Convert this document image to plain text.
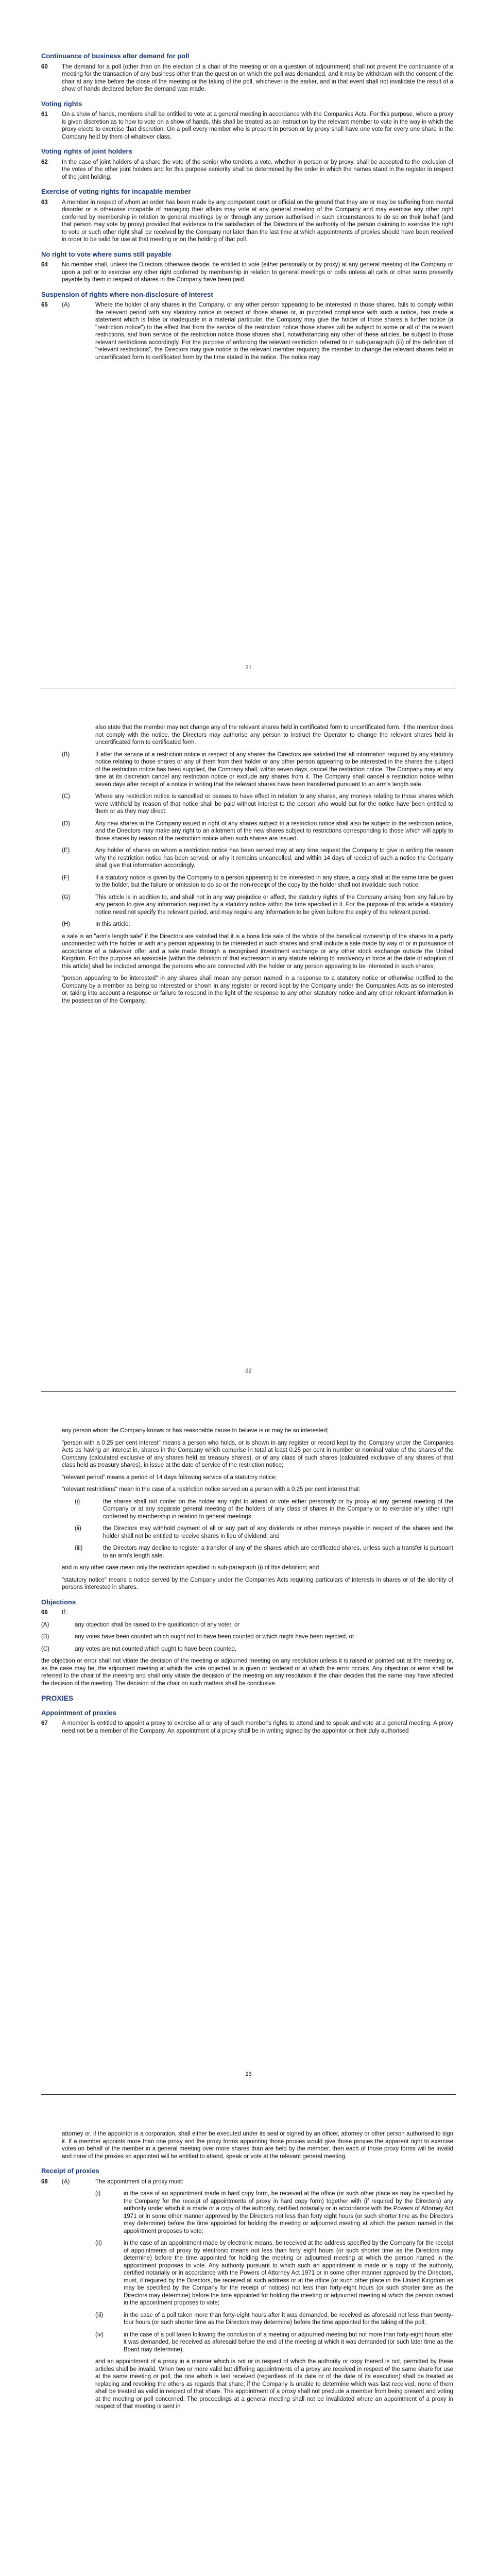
Continuance of business after demand for poll
60	The demand for a poll (other than on the election of a chair of the meeting or on a question of adjournment) shall not prevent the continuance of a meeting for the transaction of any business other than the question on which the poll was demanded, and it may be withdrawn with the consent of the chair at any time before the close of the meeting or the taking of the poll, whichever is the earlier, and in that event shall not invalidate the result of a show of hands declared before the demand was made.
Voting rights
61	On a show of hands, members shall be entitled to vote at a general meeting in accordance with the Companies Acts. For this purpose, where a proxy is given discretion as to how to vote on a show of hands, this shall be treated as an instruction by the relevant member to vote in the way in which the proxy elects to exercise that discretion. On a poll every member who is present in person or by proxy shall have one vote for every one share in the Company held by them of whatever class.
Voting rights of joint holders
62	In the case of joint holders of a share the vote of the senior who tenders a vote, whether in person or by proxy, shall be accepted to the exclusion of the votes of the other joint holders and for this purpose seniority shall be determined by the order in which the names stand in the register in respect of the joint holding.
Exercise of voting rights for incapable member
63	A member in respect of whom an order has been made by any competent court or official on the ground that they are or may be suffering from mental disorder or is otherwise incapable of managing their affairs may vote at any general meeting of the Company and may exercise any other right conferred by membership in relation to general meetings by or through any person authorised in such circumstances to do so on their behalf (and that person may vote by proxy) provided that evidence to the satisfaction of the Directors of the authority of the person claiming to exercise the right to vote or such other right shall be received by the Company not later than the last time at which appointments of proxies should have been received in order to be valid for use at that meeting or on the holding of that poll.
No right to vote where sums still payable
64	No member shall, unless the Directors otherwise decide, be entitled to vote (either personally or by proxy) at any general meeting of the Company or upon a poll or to exercise any other right conferred by membership in relation to general meetings or polls unless all calls or other sums presently payable by them in respect of shares in the Company have been paid.
Suspension of rights where non-disclosure of interest
65	(A)	Where the holder of any shares in the Company, or any other person appearing to be interested in those shares, fails to comply within the relevant period with any statutory notice in respect of those shares or, in purported compliance with such a notice, has made a statement which is false or inadequate in a material particular, the Company may give the holder of those shares a further notice (a "restriction notice") to the effect that from the service of the restriction notice those shares will be subject to some or all of the relevant restrictions, and from service of the restriction notice those shares shall, notwithstanding any other of these articles, be subject to those relevant restrictions accordingly. For the purpose of enforcing the relevant restriction referred to in sub-paragraph (iii) of the definition of "relevant restrictions", the Directors may give notice to the relevant member requiring the member to change the relevant shares held in uncertificated form to certificated form by the time stated in the notice. The notice may
21
also state that the member may not change any of the relevant shares held in certificated form to uncertificated form. If the member does not comply with the notice, the Directors may authorise any person to instruct the Operator to change the relevant shares held in uncertificated form to certificated form.
(B)	If after the service of a restriction notice in respect of any shares the Directors are satisfied that all information required by any statutory notice relating to those shares or any of them from their holder or any other person appearing to be interested in the shares the subject of the restriction notice has been supplied, the Company shall, within seven days, cancel the restriction notice. The Company may at any time at its discretion cancel any restriction notice or exclude any shares from it. The Company shall cancel a restriction notice within seven days after receipt of a notice in writing that the relevant shares have been transferred pursuant to an arm's length sale.
(C)	Where any restriction notice is cancelled or ceases to have effect in relation to any shares, any moneys relating to those shares which were withheld by reason of that notice shall be paid without interest to the person who would but for the notice have been entitled to them or as they may direct.
(D)	Any new shares in the Company issued in right of any shares subject to a restriction notice shall also be subject to the restriction notice, and the Directors may make any right to an allotment of the new shares subject to restrictions corresponding to those which will apply to those shares by reason of the restriction notice when such shares are issued.
(E)	Any holder of shares on whom a restriction notice has been served may at any time request the Company to give in writing the reason why the restriction notice has been served, or why it remains uncancelled, and within 14 days of receipt of such a notice the Company shall give that information accordingly.
(F)	If a statutory notice is given by the Company to a person appearing to be interested in any share, a copy shall at the same time be given to the holder, but the failure or omission to do so or the non-receipt of the copy by the holder shall not invalidate such notice.
(G)	This article is in addition to, and shall not in any way prejudice or affect, the statutory rights of the Company arising from any failure by any person to give any information required by a statutory notice within the time specified in it. For the purpose of this article a statutory notice need not specify the relevant period, and may require any information to be given before the expiry of the relevant period.
(H)	In this article:
a sale is an "arm's length sale" if the Directors are satisfied that it is a bona fide sale of the whole of the beneficial ownership of the shares to a party unconnected with the holder or with any person appearing to be interested in such shares and shall include a sale made by way of or in pursuance of acceptance of a takeover offer and a sale made through a recognised investment exchange or any other stock exchange outside the United Kingdom. For this purpose an associate (within the definition of that expression in any statute relating to insolvency in force at the date of adoption of this article) shall be included amongst the persons who are connected with the holder or any person appearing to be interested in such shares;
"person appearing to be interested" in any shares shall mean any person named in a response to a statutory notice or otherwise notified to the Company by a member as being so interested or shown in any register or record kept by the Company under the Companies Acts as so interested or, taking into account a response or failure to respond in the light of the response to any other statutory notice and any other relevant information in the possession of the Company,
22
any person whom the Company knows or has reasonable cause to believe is or may be so interested;
"person with a 0.25 per cent interest" means a person who holds, or is shown in any register or record kept by the Company under the Companies Acts as having an interest in, shares in the Company which comprise in total at least 0.25 per cent in number or nominal value of the shares of the Company (calculated exclusive of any shares held as treasury shares), or of any class of such shares (calculated exclusive of any shares of that class held as treasury shares), in issue at the date of service of the restriction notice;
"relevant period" means a period of 14 days following service of a statutory notice;
"relevant restrictions" mean in the case of a restriction notice served on a person with a 0.25 per cent interest that:
(i)	the shares shall not confer on the holder any right to attend or vote either personally or by proxy at any general meeting of the Company or at any separate general meeting of the holders of any class of shares in the Company or to exercise any other right conferred by membership in relation to general meetings;
(ii)	the Directors may withhold payment of all or any part of any dividends or other moneys payable in respect of the shares and the holder shall not be entitled to receive shares in lieu of dividend; and
(iii)	the Directors may decline to register a transfer of any of the shares which are certificated shares, unless such a transfer is pursuant to an arm's length sale.
and in any other case mean only the restriction specified in sub-paragraph (i) of this definition; and
"statutory notice" means a notice served by the Company under the Companies Acts requiring particulars of interests in shares or of the identity of persons interested in shares.
Objections
66	If:
(A)	any objection shall be raised to the qualification of any voter, or
(B)	any votes have been counted which ought not to have been counted or which might have been rejected, or
(C)	any votes are not counted which ought to have been counted,
the objection or error shall not vitiate the decision of the meeting or adjourned meeting on any resolution unless it is raised or pointed out at the meeting or, as the case may be, the adjourned meeting at which the vote objected to is given or tendered or at which the error occurs. Any objection or error shall be referred to the chair of the meeting and shall only vitiate the decision of the meeting on any resolution if the chair decides that the same may have affected the decision of the meeting. The decision of the chair on such matters shall be conclusive.
PROXIES
Appointment of proxies
67	A member is entitled to appoint a proxy to exercise all or any of such member's rights to attend and to speak and vote at a general meeting. A proxy need not be a member of the Company. An appointment of a proxy shall be in writing signed by the appointor or their duly authorised
23
attorney or, if the appointor is a corporation, shall either be executed under its seal or signed by an officer, attorney or other person authorised to sign it. If a member appoints more than one proxy and the proxy forms appointing those proxies would give those proxies the apparent right to exercise votes on behalf of the member in a general meeting over more shares than are held by the member, then each of those proxy forms will be invalid and none of the proxies so appointed will be entitled to attend, speak or vote at the relevant general meeting.
Receipt of proxies
68	(A)	The appointment of a proxy must:
(i)	in the case of an appointment made in hard copy form, be received at the office (or such other place as may be specified by the Company for the receipt of appointments of proxy in hard copy form) together with (if required by the Directors) any authority under which it is made or a copy of the authority, certified notarially or in accordance with the Powers of Attorney Act 1971 or in some other manner approved by the Directors not less than forty eight hours (or such shorter time as the Directors may determine) before the time appointed for holding the meeting or adjourned meeting at which the person named in the appointment proposes to vote;
(ii)	in the case of an appointment made by electronic means, be received at the address specified by the Company for the receipt of appointments of proxy by electronic means not less than forty eight hours (or such shorter time as the Directors may determine) before the time appointed for holding the meeting or adjourned meeting at which the person named in the appointment proposes to vote. Any authority pursuant to which such an appointment is made or a copy of the authority, certified notarially or in accordance with the Powers of Attorney Act 1971 or in some other manner approved by the Directors, must, if required by the Directors, be received at such address or at the office (or such other place in the United Kingdom as may be specified by the Company for the receipt of notices) not less than forty-eight hours (or such shorter time as the Directors may determine) before the time appointed for holding the meeting or adjourned meeting at which the person named in the appointment proposes to vote;
(iii)	in the case of a poll taken more than forty-eight hours after it was demanded, be received as aforesaid not less than twenty-four hours (or such shorter time as the Directors may determine) before the time appointed for the taking of the poll;
(iv)	in the case of a poll taken following the conclusion of a meeting or adjourned meeting but not more than forty-eight hours after it was demanded, be received as aforesaid before the end of the meeting at which it was demanded (or such later time as the Board may determine),
and an appointment of a proxy in a manner which is not or in respect of which the authority or copy thereof is not, permitted by these articles shall be invalid. When two or more valid but differing appointments of a proxy are received in respect of the same share for use at the same meeting or poll, the one which is last received (regardless of its date or of the date of its execution) shall be treated as replacing and revoking the others as regards that share; if the Company is unable to determine which was last received, none of them shall be treated as valid in respect of that share. The appointment of a proxy shall not preclude a member from being present and voting at the meeting or poll concerned. The proceedings at a general meeting shall not be invalidated where an appointment of a proxy in respect of that meeting is sent in
